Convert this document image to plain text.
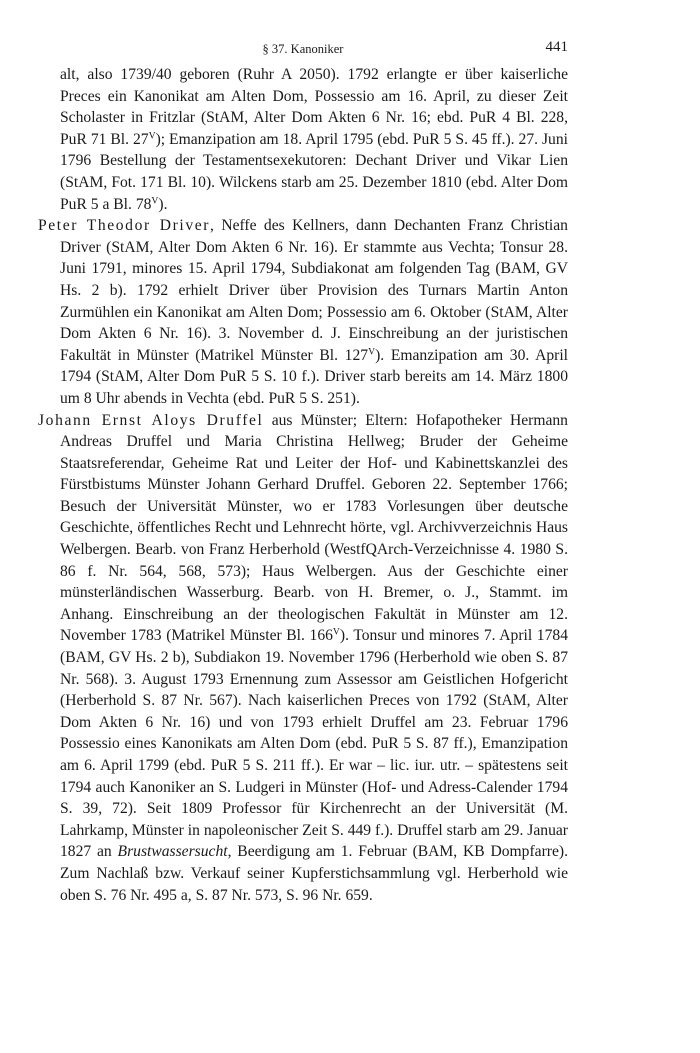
§ 37. Kanoniker	441

alt, also 1739/40 geboren (Ruhr A 2050). 1792 erlangte er über kaiserliche Preces ein Kanonikat am Alten Dom, Possessio am 16. April, zu dieser Zeit Scholaster in Fritzlar (StAM, Alter Dom Akten 6 Nr. 16; ebd. PuR 4 Bl. 228, PuR 71 Bl. $27^V$); Emanzipation am 18. April 1795 (ebd. PuR 5 S. 45 ff.). 27. Juni 1796 Bestellung der Testamentsexekutoren: Dechant Driver und Vikar Lien (StAM, Fot. 171 Bl. 10). Wilckens starb am 25. Dezember 1810 (ebd. Alter Dom PuR 5 a Bl. $78^V$).

Peter Theodor Driver, Neffe des Kellners, dann Dechanten Franz Christian Driver (StAM, Alter Dom Akten 6 Nr. 16). Er stammte aus Vechta; Tonsur 28. Juni 1791, minores 15. April 1794, Subdiakonat am folgenden Tag (BAM, GV Hs. 2 b). 1792 erhielt Driver über Provision des Turnars Martin Anton Zurmühlen ein Kanonikat am Alten Dom; Possessio am 6. Oktober (StAM, Alter Dom Akten 6 Nr. 16). 3. November d. J. Einschreibung an der juristischen Fakultät in Münster (Matrikel Münster Bl. $127^V$). Emanzipation am 30. April 1794 (StAM, Alter Dom PuR 5 S. 10 f.). Driver starb bereits am 14. März 1800 um 8 Uhr abends in Vechta (ebd. PuR 5 S. 251).

Johann Ernst Aloys Druffel aus Münster; Eltern: Hofapotheker Hermann Andreas Druffel und Maria Christina Hellweg; Bruder der Geheime Staatsreferendar, Geheime Rat und Leiter der Hof- und Kabinettskanzlei des Fürstbistums Münster Johann Gerhard Druffel. Geboren 22. September 1766; Besuch der Universität Münster, wo er 1783 Vorlesungen über deutsche Geschichte, öffentliches Recht und Lehnrecht hörte, vgl. Archivverzeichnis Haus Welbergen. Bearb. von Franz Herberhold (WestfQArch-Verzeichnisse 4. 1980 S. 86 f. Nr. 564, 568, 573); Haus Welbergen. Aus der Geschichte einer münsterländischen Wasserburg. Bearb. von H. Bremer, o. J., Stammt. im Anhang. Einschreibung an der theologischen Fakultät in Münster am 12. November 1783 (Matrikel Münster Bl. $166^V$). Tonsur und minores 7. April 1784 (BAM, GV Hs. 2 b), Subdiakon 19. November 1796 (Herberhold wie oben S. 87 Nr. 568). 3. August 1793 Ernennung zum Assessor am Geistlichen Hofgericht (Herberhold S. 87 Nr. 567). Nach kaiserlichen Preces von 1792 (StAM, Alter Dom Akten 6 Nr. 16) und von 1793 erhielt Druffel am 23. Februar 1796 Possessio eines Kanonikats am Alten Dom (ebd. PuR 5 S. 87 ff.), Emanzipation am 6. April 1799 (ebd. PuR 5 S. 211 ff.). Er war – lic. iur. utr. – spätestens seit 1794 auch Kanoniker an S. Ludgeri in Münster (Hof- und Adress-Calender 1794 S. 39, 72). Seit 1809 Professor für Kirchenrecht an der Universität (M. Lahrkamp, Münster in napoleonischer Zeit S. 449 f.). Druffel starb am 29. Januar 1827 an Brustwassersucht, Beerdigung am 1. Februar (BAM, KB Dompfarre). Zum Nachlaß bzw. Verkauf seiner Kupferstichsammlung vgl. Herberhold wie oben S. 76 Nr. 495 a, S. 87 Nr. 573, S. 96 Nr. 659.
